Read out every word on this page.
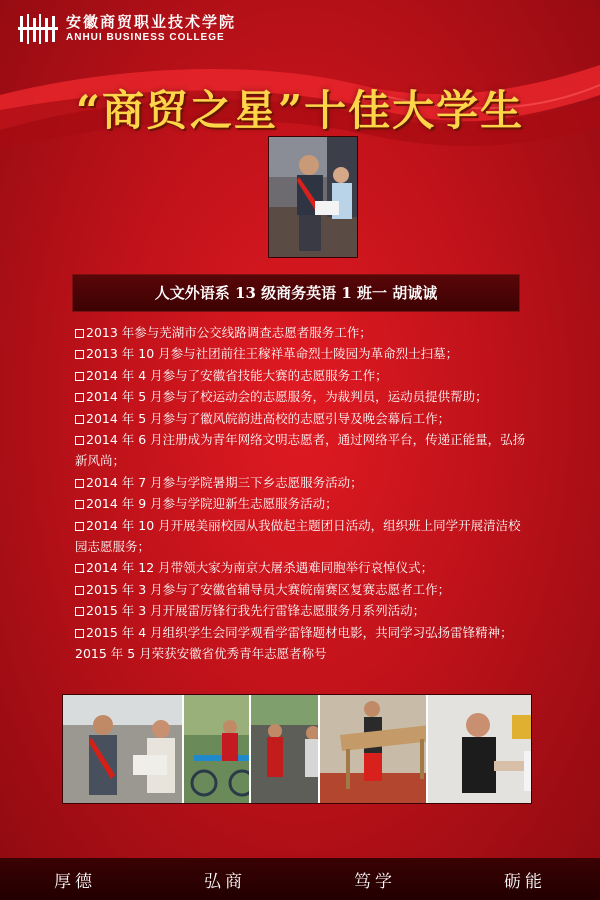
安徽商贸职业技术学院
ANHUI BUSINESS COLLEGE
“商贸之星”十佳大学生
人文外语系 13 级商务英语 1 班一 胡诚诚
2013 年参与芜湖市公交线路调查志愿者服务工作；
2013 年 10 月参与社团前往王稼祥革命烈士陵园为革命烈士扫墓；
2014 年 4 月参与了安徽省技能大赛的志愿服务工作；
2014 年 5 月参与了校运动会的志愿服务，为裁判员，运动员提供帮助；
2014 年 5 月参与了徽风皖韵进高校的志愿引导及晚会幕后工作；
2014 年 6 月注册成为青年网络文明志愿者，通过网络平台，传递正能量，弘扬
新风尚；
2014 年 7 月参与学院暑期三下乡志愿服务活动；
2014 年 9 月参与学院迎新生志愿服务活动；
2014 年 10 月开展美丽校园从我做起主题团日活动，组织班上同学开展清洁校
园志愿服务；
2014 年 12 月带领大家为南京大屠杀遇难同胞举行哀悼仪式；
2015 年 3 月参与了安徽省辅导员大赛皖南赛区复赛志愿者工作；
2015 年 3 月开展雷厉锋行我先行雷锋志愿服务月系列活动；
2015 年 4 月组织学生会同学观看学雷锋题材电影，共同学习弘扬雷锋精神；
2015 年 5 月荣获安徽省优秀青年志愿者称号
厚德	弘商	笃学	砺能
